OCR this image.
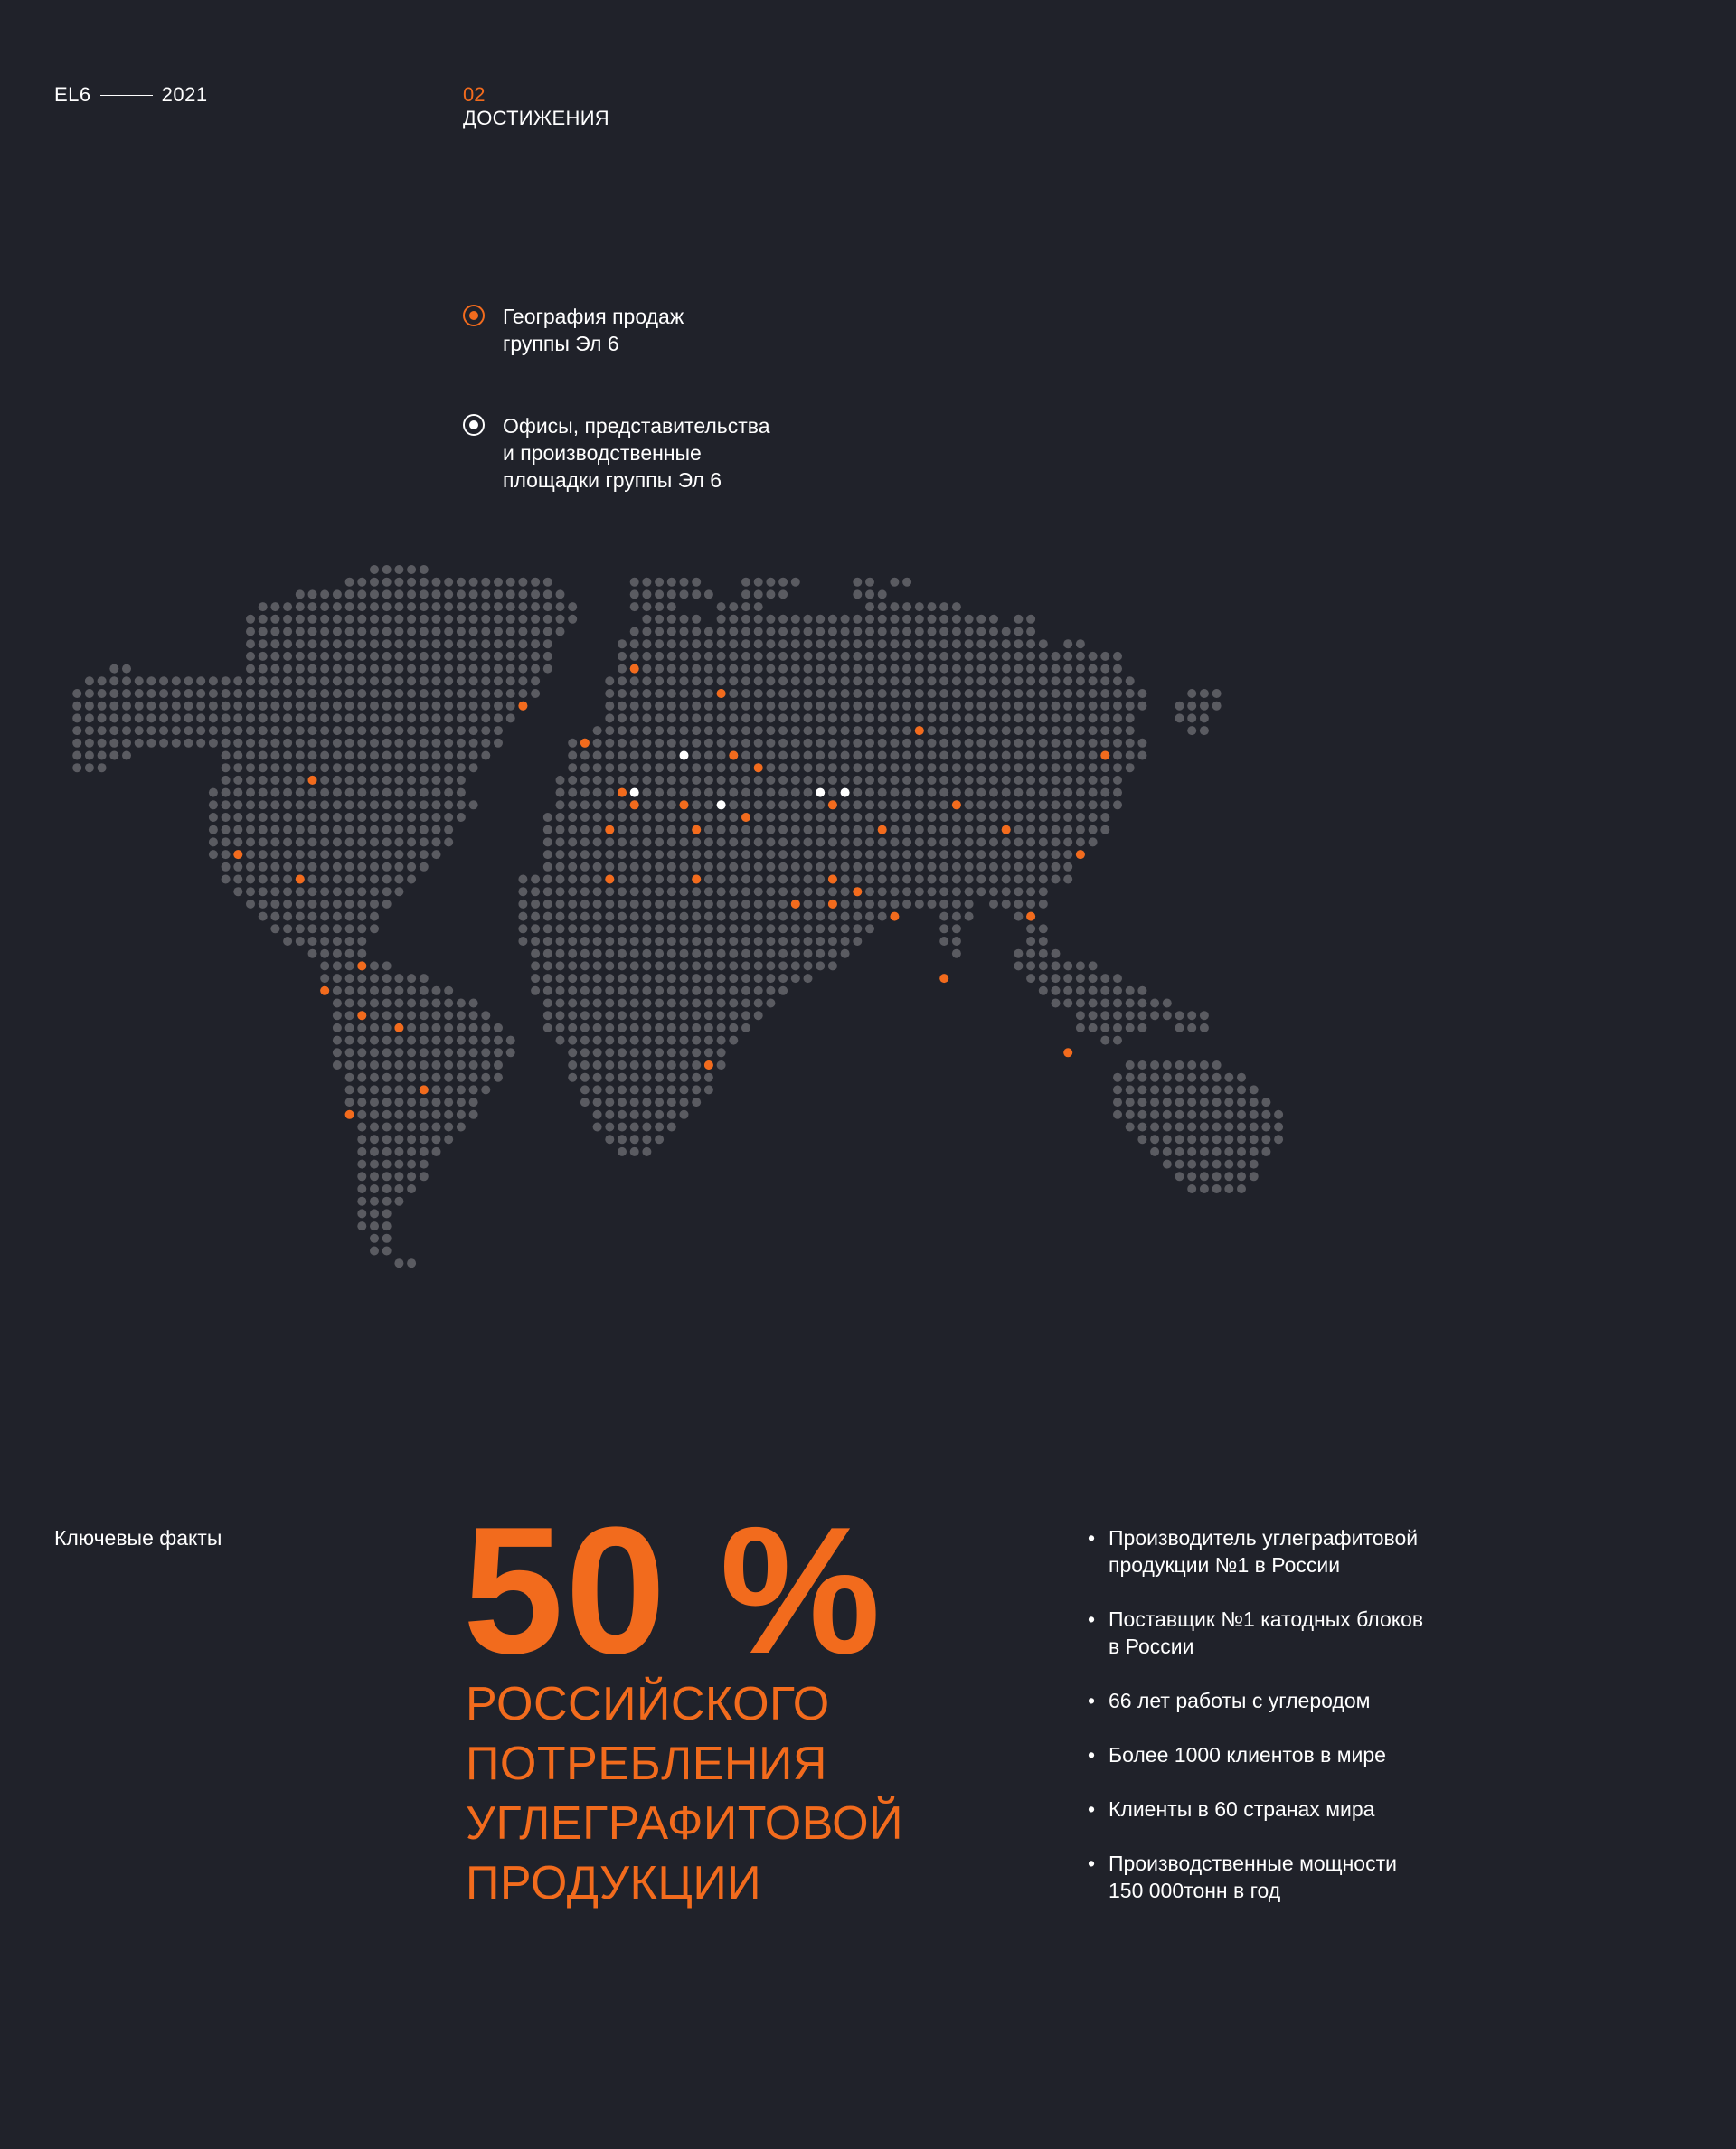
EL6	2021	02
ДОСТИЖЕНИЯ
География продаж
группы Эл 6
Офисы, представительства
и производственные
площадки группы Эл 6
Ключевые факты 50 %
РОССИЙСКОГО
ПОТРЕБЛЕНИЯ
УГЛЕГРАФИТОВОЙ
ПРОДУКЦИИ
• Производитель углеграфитовой
продукции №1 в России
• Поставщик №1 катодных блоков
в России
• 66 лет работы с углеродом
• Более 1000 клиентов в мире
• Клиенты в 60 странах мира
• Производственные мощности
150 000тонн в год
